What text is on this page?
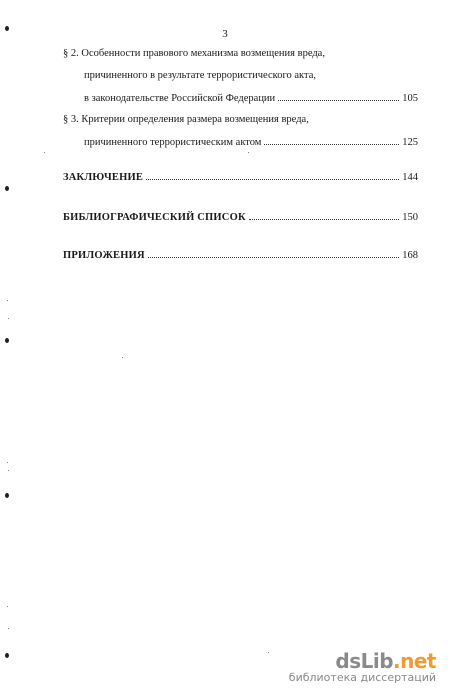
3
§ 2. Особенности правового механизма возмещения вреда,
причиненного в результате террористического акта,
в законодательстве Российской Федерации	105
§ 3. Критерии определения размера возмещения вреда,
причиненного террористическим актом	125
ЗАКЛЮЧЕНИЕ	144
БИБЛИОГРАФИЧЕСКИЙ СПИСОК	150
ПРИЛОЖЕНИЯ	168
dsLib.net
библиотека диссертаций
